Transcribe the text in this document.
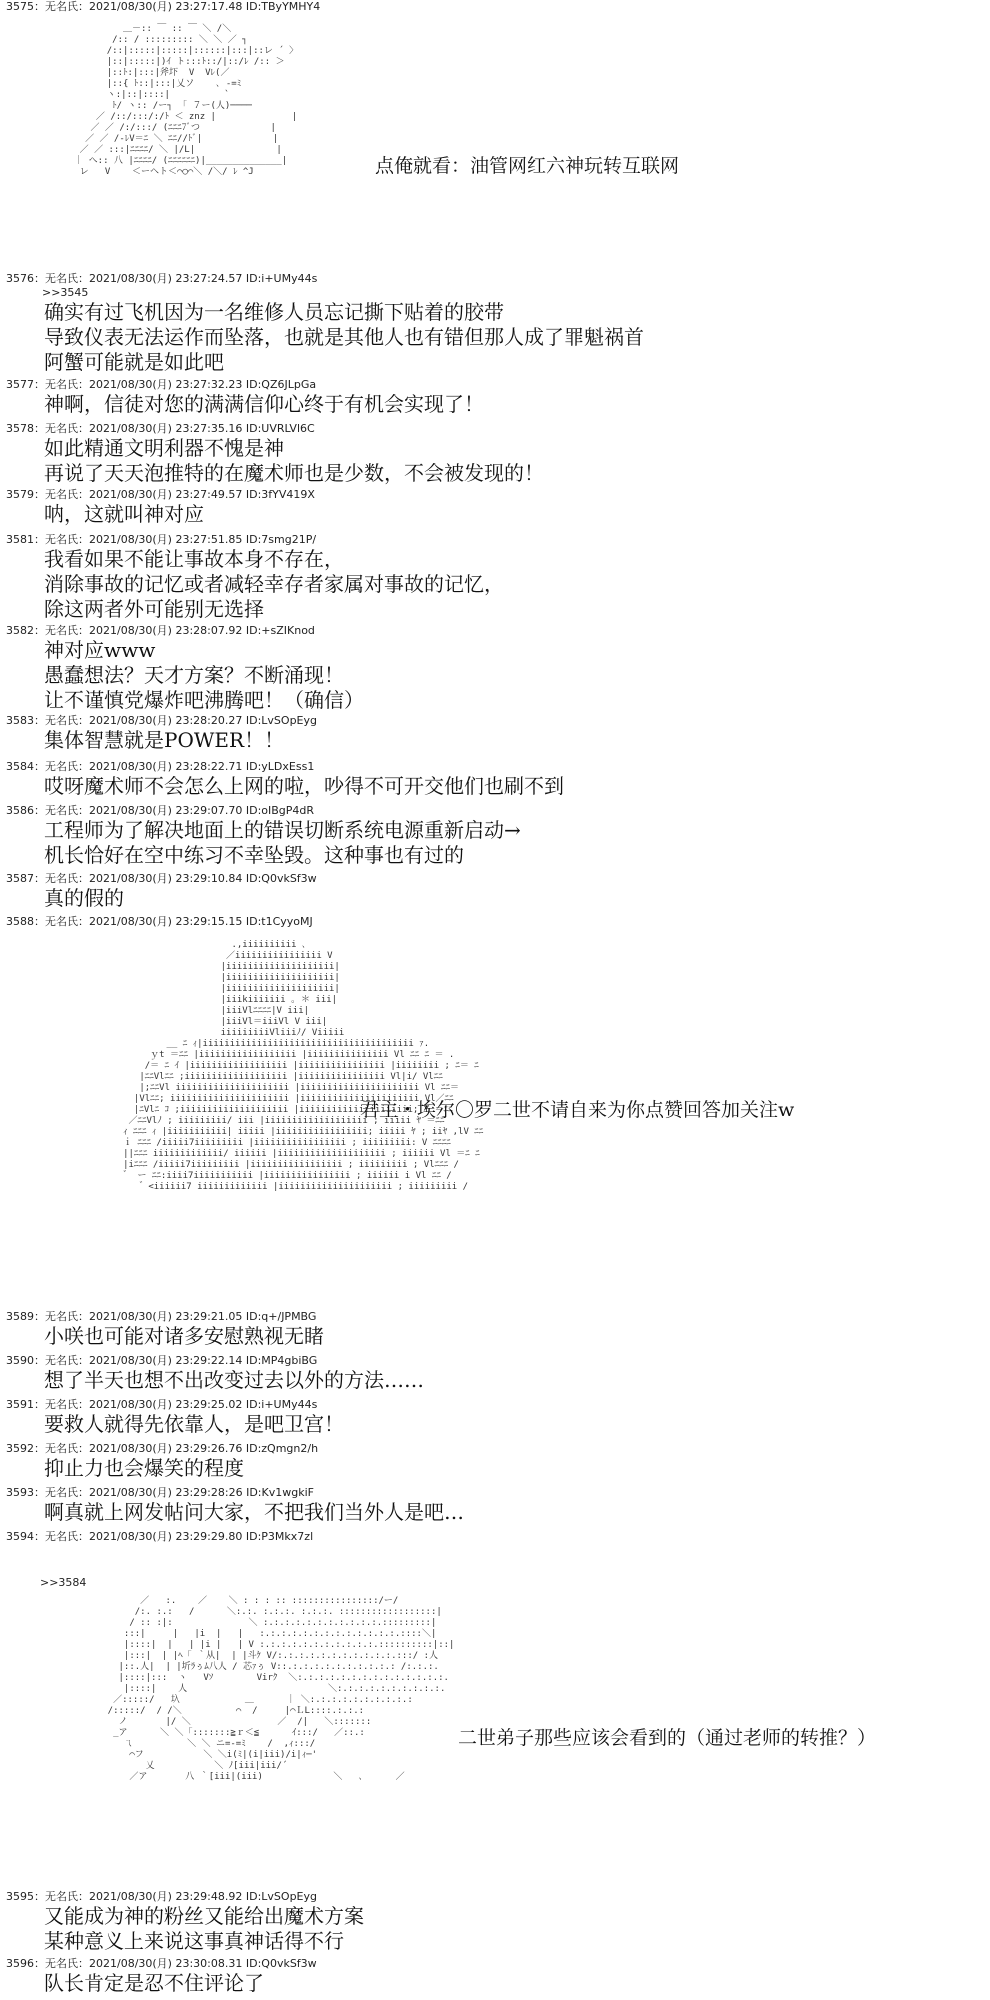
3575：无名氏：2021/08/30(月) 23:27:17.48 ID:TByYMHY4
＿－:: ￣ :: ￣ ＼ /＼
/:: / ::::::::: ＼ ＼ ／ ┐
/::|:::::|:::::|::::::|:::|::レ ´ 〉
|::|:::::|)ｲ ト:::ﾄ::/|::/ﾚ /:: ＞
|::ﾄ:|:::|斧圷  V  Vﾚ(／
|::{ ﾄ::|:::|乂ソ    ､ -=ﾐ
ヽ:|::|::::|          `
ﾄ/ ヽ:: /ー┐ 「 ７ー(人)────
／ /::/:::/:/ﾄ ＜ znz |              |
／ ／ /:/:::/ (ﾆﾆﾆ7ﾞつ             |
／ ／ /-ﾚV＝ﾆ ＼ ﾆﾆ//ﾄﾞ|             |
／ ／ :::|ﾆﾆﾆﾆ/ ＼ |/L|               |
｜ へ:: 八 |ﾆﾆﾆﾆ/ (ﾆﾆﾆﾆﾆﾆ)|______________|
レ   V    ＜ーヘト＜⌒◯⌒＼ /＼/ ﾚ ^J	点俺就看：油管网红六神玩转互联网
3576：无名氏：2021/08/30(月) 23:27:24.57 ID:i+UMy44s
>>3545
确实有过飞机因为一名维修人员忘记撕下贴着的胶带
导致仪表无法运作而坠落，也就是其他人也有错但那人成了罪魁祸首
阿蟹可能就是如此吧
3577：无名氏：2021/08/30(月) 23:27:32.23 ID:QZ6JLpGa
神啊，信徒对您的满满信仰心终于有机会实现了！
3578：无名氏：2021/08/30(月) 23:27:35.16 ID:UVRLVl6C
如此精通文明利器不愧是神
再说了天天泡推特的在魔术师也是少数，不会被发现的！
3579：无名氏：2021/08/30(月) 23:27:49.57 ID:3fYV419X
呐，这就叫神对应
3581：无名氏：2021/08/30(月) 23:27:51.85 ID:7smg21P/
我看如果不能让事故本身不存在，
消除事故的记忆或者减轻幸存者家属对事故的记忆，
除这两者外可能别无选择
3582：无名氏：2021/08/30(月) 23:28:07.92 ID:+sZIKnod
神对应www
愚蠢想法？天才方案？不断涌现！
让不谨慎党爆炸吧沸腾吧！（确信）
3583：无名氏：2021/08/30(月) 23:28:20.27 ID:LvSOpEyg
集体智慧就是POWER！！
3584：无名氏：2021/08/30(月) 23:28:22.71 ID:yLDxEss1
哎呀魔术师不会怎么上网的啦，吵得不可开交他们也刷不到
3586：无名氏：2021/08/30(月) 23:29:07.70 ID:oIBgP4dR
工程师为了解决地面上的错误切断系统电源重新启动→
机长恰好在空中练习不幸坠毁。这种事也有过的
3587：无名氏：2021/08/30(月) 23:29:10.84 ID:Q0vkSf3w
真的假的
3588：无名氏：2021/08/30(月) 23:29:15.15 ID:t1CyyoMJ
.,iiiiiiiiii ､
／iiiiiiiiiiiiiiii V
|iiiiiiiiiiiiiiiiiiii|
|iiiiiiiiiiiiiiiiiiii|
|iiiiiiiiiiiiiiiiiiii|
|iiikiiiiiii ｡ ＊ iii|
|iiiVlﾆﾆﾆﾆ|V iii|
|iiiVl＝iiiVl V iii|
iiiiiiiiiVliiiﾉ/ Viiiii
__ ﾆ ｨ|iiiiiiiiiiiiiiiiiiiiiiiiiiiiiiiiiiiiiii ｧ.
ｙt ＝ﾆﾆ |iiiiiiiiiiiiiiiiii |iiiiiiiiiiiiiii Vl ﾆﾆ ﾆ ＝ .
/＝ ﾆ ｲ |iiiiiiiiiiiiiiiiii |iiiiiiiiiiiiiiii |iiiiiiii ; ﾆ＝ ﾆ
|ﾆﾆVlﾆﾆ ;iiiiiiiiiiiiiiiiiii |iiiiiiiiiiiiiiii Vl|i/ Vlﾆﾆ
|;ﾆﾆVl iiiiiiiiiiiiiiiiiiiii |iiiiiiiiiiiiiiiiiiiiii Vl ﾆﾆ＝
|Vlﾆﾆ; iiiiiiiiiiiiiiiiiiiiii |iiiiiiiiiiiiiiiiiiiiii Vl／ﾆﾆ
|ﾆVlﾆ ｺ ;iiiiiiiiiiiiiiiiiiii |iiiiiiiiiiiiiiiiiiiii; Y ＝ﾆﾆ
／ﾆﾆVlﾉ ; iiiiiiiii/ iii |iiiiiiiiiiiiiiiiiii ; iiiii ﾔ ＝ﾆﾆ
ｨ ﾆﾆﾆ ｨ |iiiiiiiiiii| iiiii |iiiiiiiiiiiiiiiii; iiiii ﾔ ; iiﾔ ,lV ﾆﾆ
ｉ ﾆﾆﾆ /iiiii7iiiiiiiii |iiiiiiiiiiiiiiiii ; iiiiiiiii: V ﾆﾆﾆﾆ
||ﾆﾆﾆ iiiiiiiiiiiii/ iiiiii |iiiiiiiiiiiiiiiiiiii ; iiiiii Vl ＝ﾆ ﾆ
|iﾆﾆﾆ /iiiii7iiiiiiiii |iiiiiiiiiiiiiiiii ; iiiiiiiii ; Vlﾆﾆﾆ /
゛ ー ﾆﾆ:iiii7iiiiiiiiiii |iiiiiiiiiiiiiiii ; iiiiii i Vl ﾆﾆ /
゛<iiiiii7 iiiiiiiiiiiii |iiiiiiiiiiiiiiiiiiiii ; iiiiiiiii /
君主・埃尔〇罗二世不请自来为你点赞回答加关注w
3589：无名氏：2021/08/30(月) 23:29:21.05 ID:q+/JPMBG
小咲也可能对诸多安慰熟视无睹
3590：无名氏：2021/08/30(月) 23:29:22.14 ID:MP4gbiBG
想了半天也想不出改变过去以外的方法……
3591：无名氏：2021/08/30(月) 23:29:25.02 ID:i+UMy44s
要救人就得先依靠人，是吧卫宫！
3592：无名氏：2021/08/30(月) 23:29:26.76 ID:zQmgn2/h
抑止力也会爆笑的程度
3593：无名氏：2021/08/30(月) 23:29:28:26 ID:Kv1wgkiF
啊真就上网发帖问大家，不把我们当外人是吧…
3594：无名氏：2021/08/30(月) 23:29:29.80 ID:P3Mkx7zl
>>3584
／   :.    ／    ＼ : : : :: ::::::::::::::::/ー/
/:. :.:   /      ＼:.:. :.:.:. :.:.:. ::::::::::::::::::|
/ :: :|:              ＼ :.:.:.:.:.:.:.:.:.:.:.:::::::::|
:::|     |   |i  |   |   :.:.:.:.:.:.:.:.:.:.:.:.:.::::＼|
|::::|  |   | |i |   | V :.:.:.:.:.:.:.:.:.:.:.::::::::::|::|
|:::|  | |ﾍ「 ｀从|  | |斗ｹ V/:.:.:.:.:.:.:.:.:.:.:.:::/ :人
|::.人|  | |圻ﾗぅﾑ八人 / 芯ｧぅ V::.:.:.:.:.:.:.:.:.:.: /:.:.:.
|::::|:::  ヽ   Vｿ        Virｸ  ＼:.:.:.:.:.:.:.:.:.:.:.:.:.:.
|::::|    人                          ＼:.:.:.:.:.:.:.:.:.:.
／:::::/   圦            ＿      ｜ ＼:.:.:.:.:.:.:.:.:.:
/:::::/  / /＼          ⌒  /     |⌒ＬL::::.:.:.:
ノ       |/ ＼                ／  /|   ＼:::::::
_ア      ＼ ＼「:::::::≧ｒ＜≦      ｲ:::/   ／::.:
ㄟ          ＼ ＼ ニ=-=ﾐ    /  ,ｨ:::/
⌒フ           ＼ ＼i(ﾐ|(i|iii)/i|ｨ─'
乂           ＼ ﾉ[iii|iii/´
／ア       八 ｀[iii|(iii)             ＼   ､      ／
二世弟子那些应该会看到的（通过老师的转推？）
3595：无名氏：2021/08/30(月) 23:29:48.92 ID:LvSOpEyg
又能成为神的粉丝又能给出魔术方案
某种意义上来说这事真神话得不行
3596：无名氏：2021/08/30(月) 23:30:08.31 ID:Q0vkSf3w
队长肯定是忍不住评论了
